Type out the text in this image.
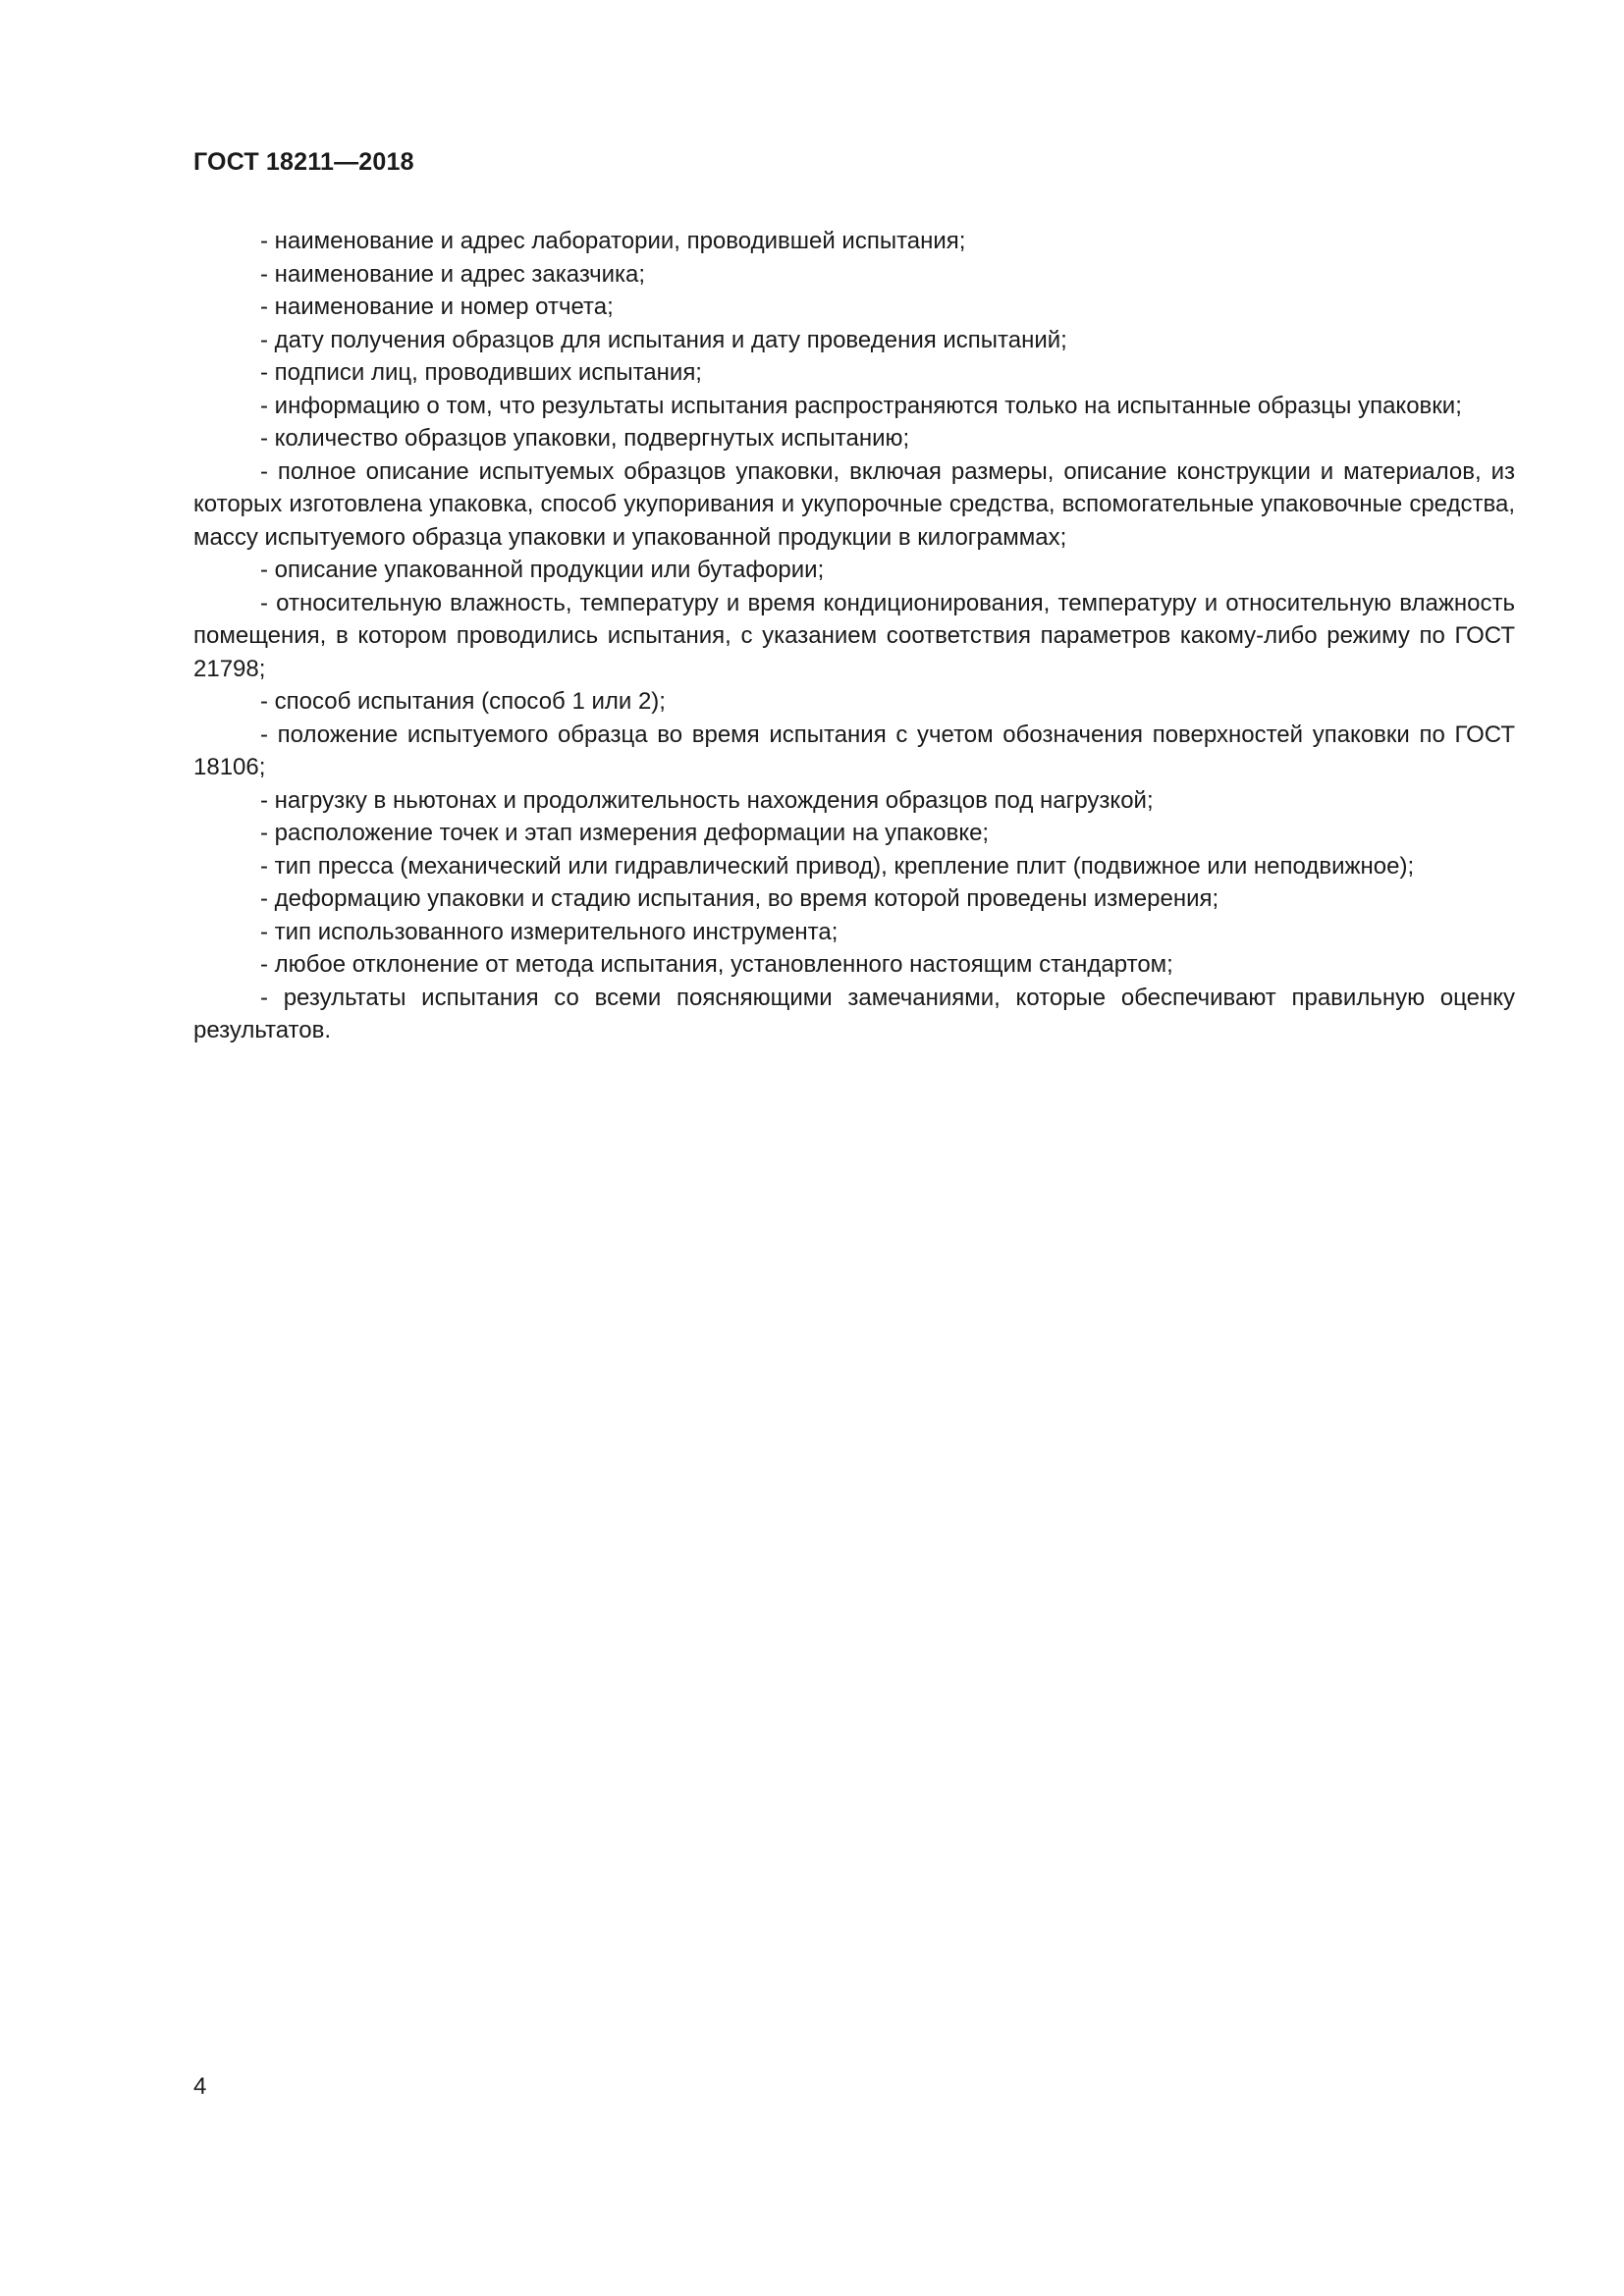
ГОСТ 18211—2018

- наименование и адрес лаборатории, проводившей испытания;

- наименование и адрес заказчика;

- наименование и номер отчета;

- дату получения образцов для испытания и дату проведения испытаний;

- подписи лиц, проводивших испытания;

- информацию о том, что результаты испытания распространяются только на испытанные образцы упаковки;

- количество образцов упаковки, подвергнутых испытанию;

- полное описание испытуемых образцов упаковки, включая размеры, описание конструкции и материалов, из которых изготовлена упаковка, способ укупоривания и укупорочные средства, вспомогательные упаковочные средства, массу испытуемого образца упаковки и упакованной продукции в килограммах;

- описание упакованной продукции или бутафории;

- относительную влажность, температуру и время кондиционирования, температуру и относительную влажность помещения, в котором проводились испытания, с указанием соответствия параметров какому-либо режиму по ГОСТ 21798;

- способ испытания (способ 1 или 2);

- положение испытуемого образца во время испытания с учетом обозначения поверхностей упаковки по ГОСТ 18106;

- нагрузку в ньютонах и продолжительность нахождения образцов под нагрузкой;

- расположение точек и этап измерения деформации на упаковке;

- тип пресса (механический или гидравлический привод), крепление плит (подвижное или неподвижное);

- деформацию упаковки и стадию испытания, во время которой проведены измерения;

- тип использованного измерительного инструмента;

- любое отклонение от метода испытания, установленного настоящим стандартом;

- результаты испытания со всеми поясняющими замечаниями, которые обеспечивают правильную оценку результатов.

4
